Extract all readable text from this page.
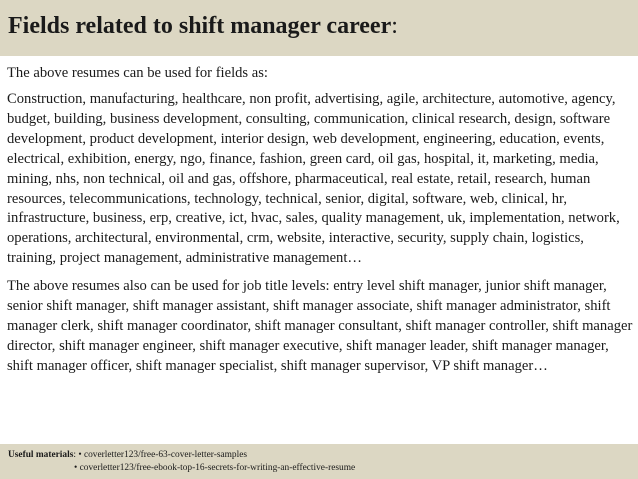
Fields related to shift manager career:

The above resumes can be used for fields as:

Construction, manufacturing, healthcare, non profit, advertising, agile, architecture, automotive, agency, budget, building, business development, consulting, communication, clinical research, design, software development, product development, interior design, web development, engineering, education, events, electrical, exhibition, energy, ngo, finance, fashion, green card, oil gas, hospital, it, marketing, media, mining, nhs, non technical, oil and gas, offshore, pharmaceutical, real estate, retail, research, human resources, telecommunications, technology, technical, senior, digital, software, web, clinical, hr, infrastructure, business, erp, creative, ict, hvac, sales, quality management, uk, implementation, network, operations, architectural, environmental, crm, website, interactive, security, supply chain, logistics, training, project management, administrative management…

The above resumes also can be used for job title levels: entry level shift manager, junior shift manager, senior shift manager, shift manager assistant, shift manager associate, shift manager administrator, shift manager clerk, shift manager coordinator, shift manager consultant, shift manager controller, shift manager director, shift manager engineer, shift manager executive, shift manager leader, shift manager manager, shift manager officer, shift manager specialist, shift manager supervisor, VP shift manager…

Useful materials: • coverletter123/free-63-cover-letter-samples
• coverletter123/free-ebook-top-16-secrets-for-writing-an-effective-resume
